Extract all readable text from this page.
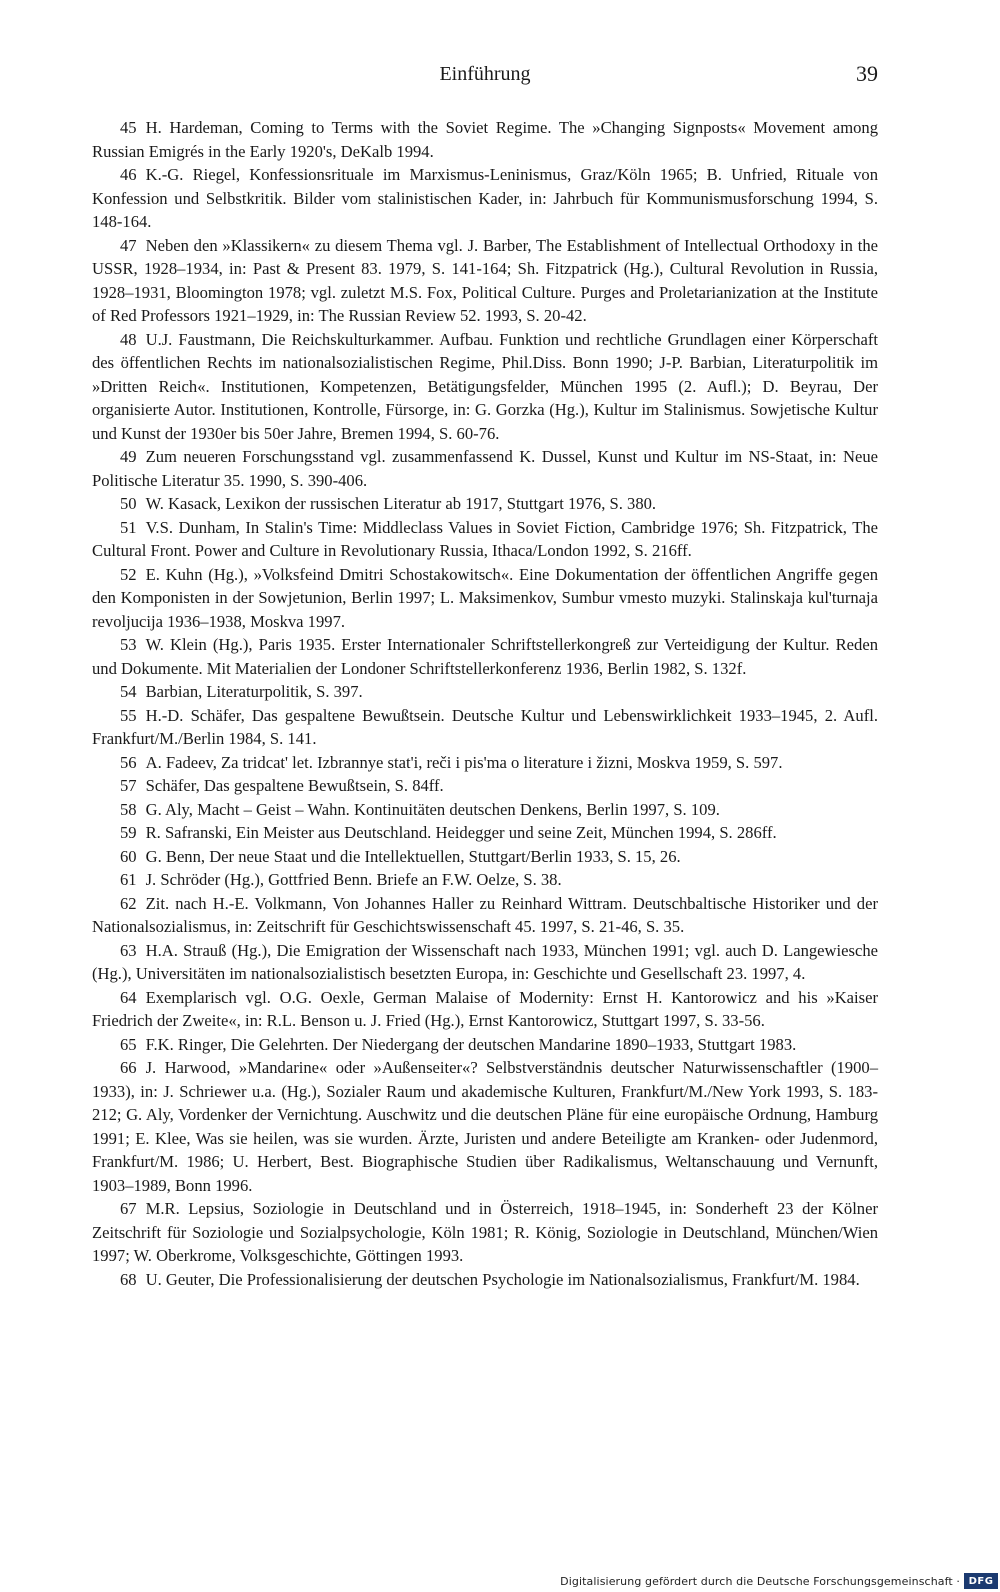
Einführung	39

45 H. Hardeman, Coming to Terms with the Soviet Regime. The »Changing Signposts« Movement among Russian Emigrés in the Early 1920's, DeKalb 1994.

46 K.-G. Riegel, Konfessionsrituale im Marxismus-Leninismus, Graz/Köln 1965; B. Unfried, Rituale von Konfession und Selbstkritik. Bilder vom stalinistischen Kader, in: Jahrbuch für Kommunismusforschung 1994, S. 148-164.

47 Neben den »Klassikern« zu diesem Thema vgl. J. Barber, The Establishment of Intellectual Orthodoxy in the USSR, 1928–1934, in: Past & Present 83. 1979, S. 141-164; Sh. Fitzpatrick (Hg.), Cultural Revolution in Russia, 1928–1931, Bloomington 1978; vgl. zuletzt M.S. Fox, Political Culture. Purges and Proletarianization at the Institute of Red Professors 1921–1929, in: The Russian Review 52. 1993, S. 20-42.

48 U.J. Faustmann, Die Reichskulturkammer. Aufbau. Funktion und rechtliche Grundlagen einer Körperschaft des öffentlichen Rechts im nationalsozialistischen Regime, Phil.Diss. Bonn 1990; J-P. Barbian, Literaturpolitik im »Dritten Reich«. Institutionen, Kompetenzen, Betätigungsfelder, München 1995 (2. Aufl.); D. Beyrau, Der organisierte Autor. Institutionen, Kontrolle, Fürsorge, in: G. Gorzka (Hg.), Kultur im Stalinismus. Sowjetische Kultur und Kunst der 1930er bis 50er Jahre, Bremen 1994, S. 60-76.

49 Zum neueren Forschungsstand vgl. zusammenfassend K. Dussel, Kunst und Kultur im NS-Staat, in: Neue Politische Literatur 35. 1990, S. 390-406.

50 W. Kasack, Lexikon der russischen Literatur ab 1917, Stuttgart 1976, S. 380.

51 V.S. Dunham, In Stalin's Time: Middleclass Values in Soviet Fiction, Cambridge 1976; Sh. Fitzpatrick, The Cultural Front. Power and Culture in Revolutionary Russia, Ithaca/London 1992, S. 216ff.

52 E. Kuhn (Hg.), »Volksfeind Dmitri Schostakowitsch«. Eine Dokumentation der öffentlichen Angriffe gegen den Komponisten in der Sowjetunion, Berlin 1997; L. Maksimenkov, Sumbur vmesto muzyki. Stalinskaja kul'turnaja revoljucija 1936–1938, Moskva 1997.

53 W. Klein (Hg.), Paris 1935. Erster Internationaler Schriftstellerkongreß zur Verteidigung der Kultur. Reden und Dokumente. Mit Materialien der Londoner Schriftstellerkonferenz 1936, Berlin 1982, S. 132f.

54 Barbian, Literaturpolitik, S. 397.

55 H.-D. Schäfer, Das gespaltene Bewußtsein. Deutsche Kultur und Lebenswirklichkeit 1933–1945, 2. Aufl. Frankfurt/M./Berlin 1984, S. 141.

56 A. Fadeev, Za tridcat' let. Izbrannye stat'i, reči i pis'ma o literature i žizni, Moskva 1959, S. 597.

57 Schäfer, Das gespaltene Bewußtsein, S. 84ff.

58 G. Aly, Macht – Geist – Wahn. Kontinuitäten deutschen Denkens, Berlin 1997, S. 109.

59 R. Safranski, Ein Meister aus Deutschland. Heidegger und seine Zeit, München 1994, S. 286ff.

60 G. Benn, Der neue Staat und die Intellektuellen, Stuttgart/Berlin 1933, S. 15, 26.

61 J. Schröder (Hg.), Gottfried Benn. Briefe an F.W. Oelze, S. 38.

62 Zit. nach H.-E. Volkmann, Von Johannes Haller zu Reinhard Wittram. Deutschbaltische Historiker und der Nationalsozialismus, in: Zeitschrift für Geschichtswissenschaft 45. 1997, S. 21-46, S. 35.

63 H.A. Strauß (Hg.), Die Emigration der Wissenschaft nach 1933, München 1991; vgl. auch D. Langewiesche (Hg.), Universitäten im nationalsozialistisch besetzten Europa, in: Geschichte und Gesellschaft 23. 1997, 4.

64 Exemplarisch vgl. O.G. Oexle, German Malaise of Modernity: Ernst H. Kantorowicz and his »Kaiser Friedrich der Zweite«, in: R.L. Benson u. J. Fried (Hg.), Ernst Kantorowicz, Stuttgart 1997, S. 33-56.

65 F.K. Ringer, Die Gelehrten. Der Niedergang der deutschen Mandarine 1890–1933, Stuttgart 1983.

66 J. Harwood, »Mandarine« oder »Außenseiter«? Selbstverständnis deutscher Naturwissenschaftler (1900–1933), in: J. Schriewer u.a. (Hg.), Sozialer Raum und akademische Kulturen, Frankfurt/M./New York 1993, S. 183-212; G. Aly, Vordenker der Vernichtung. Auschwitz und die deutschen Pläne für eine europäische Ordnung, Hamburg 1991; E. Klee, Was sie heilen, was sie wurden. Ärzte, Juristen und andere Beteiligte am Kranken- oder Judenmord, Frankfurt/M. 1986; U. Herbert, Best. Biographische Studien über Radikalismus, Weltanschauung und Vernunft, 1903–1989, Bonn 1996.

67 M.R. Lepsius, Soziologie in Deutschland und in Österreich, 1918–1945, in: Sonderheft 23 der Kölner Zeitschrift für Soziologie und Sozialpsychologie, Köln 1981; R. König, Soziologie in Deutschland, München/Wien 1997; W. Oberkrome, Volksgeschichte, Göttingen 1993.

68 U. Geuter, Die Professionalisierung der deutschen Psychologie im Nationalsozialismus, Frankfurt/M. 1984.

Digitalisierung gefördert durch die Deutsche Forschungsgemeinschaft · DFG
